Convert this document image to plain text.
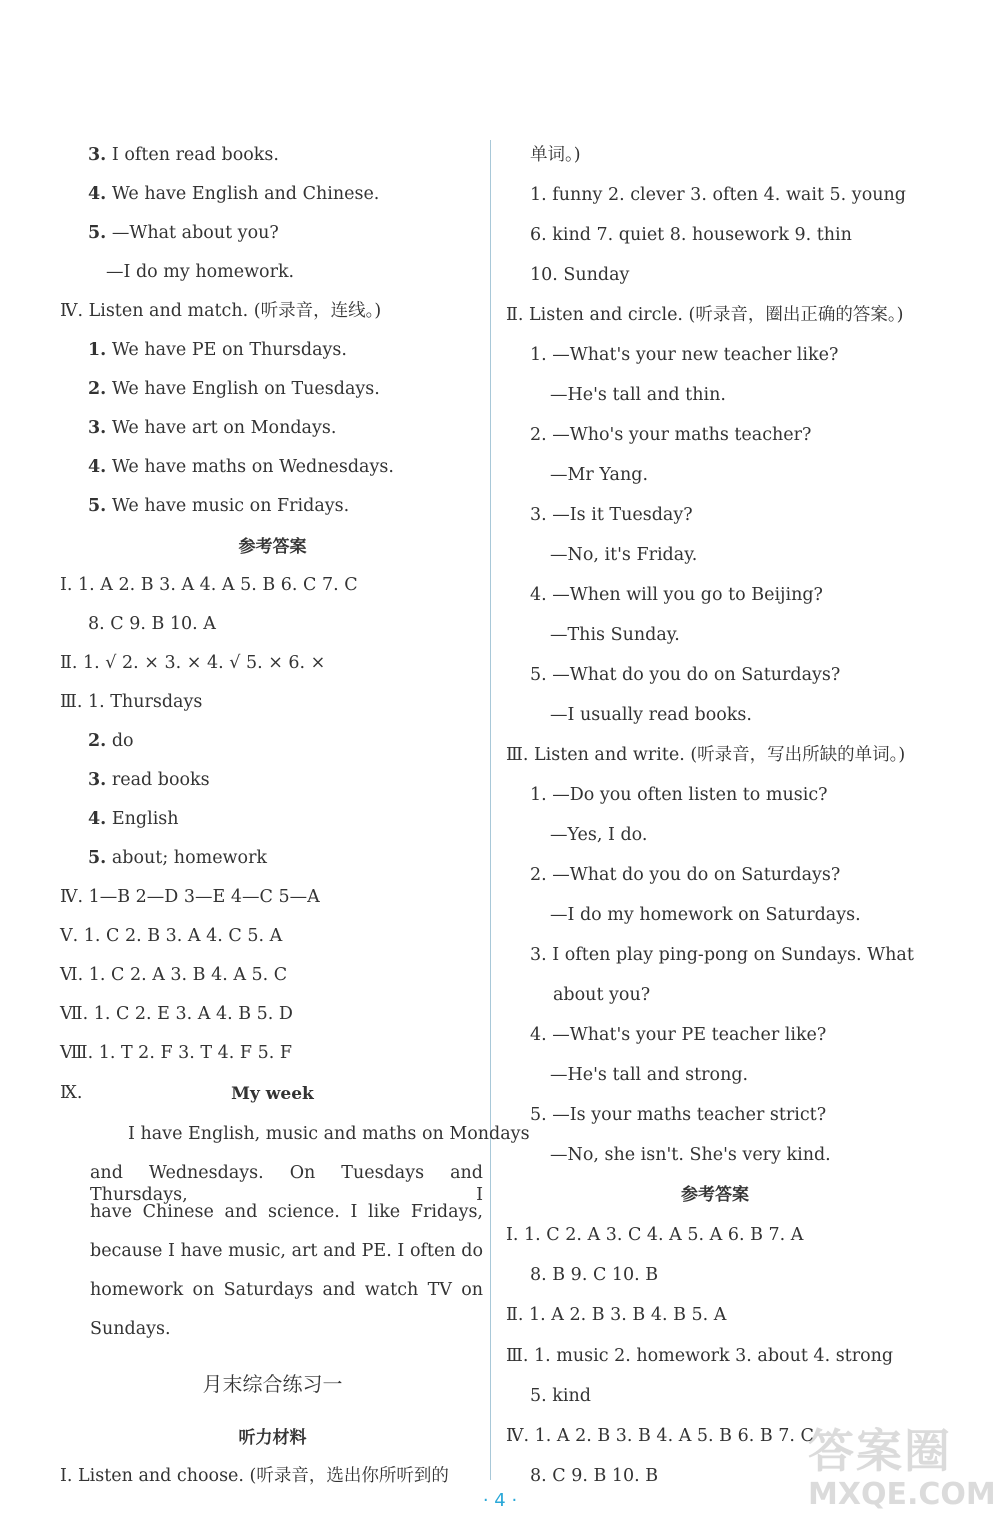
参考答案
My week
月末综合练习一
听力材料
Ⅰ. Listen and choose. (听录音，选出你所听到的
I have English, music and maths on Mondays
and Wednesdays. On Tuesdays and Thursdays, I
have Chinese and science. I like Fridays,
because I have music, art and PE. I often do
homework on Saturdays and watch TV on
Sundays.
3. I often read books.
4. We have English and Chinese.
5. —What about you?
—I do my homework.
Ⅳ. Listen and match. (听录音，连线。)
1. We have PE on Thursdays.
2. We have English on Tuesdays.
3. We have art on Mondays.
4. We have maths on Wednesdays.
5. We have music on Fridays.
Ⅰ. 1. A 2. B 3. A 4. A 5. B 6. C 7. C
8. C 9. B 10. A
Ⅱ. 1. √ 2. × 3. × 4. √ 5. × 6. ×
Ⅲ. 1. Thursdays
2. do
3. read books
4. English
5. about; homework
Ⅳ. 1—B 2—D 3—E 4—C 5—A
Ⅴ. 1. C 2. B 3. A 4. C 5. A
Ⅵ. 1. C 2. A 3. B 4. A 5. C
Ⅶ. 1. C 2. E 3. A 4. B 5. D
Ⅷ. 1. T 2. F 3. T 4. F 5. F
Ⅸ.
参考答案
单词。)
1. funny 2. clever 3. often 4. wait 5. young
6. kind 7. quiet 8. housework 9. thin
10. Sunday
Ⅱ. Listen and circle. (听录音，圈出正确的答案。)
1. —What's your new teacher like?
—He's tall and thin.
2. —Who's your maths teacher?
—Mr Yang.
3. —Is it Tuesday?
—No, it's Friday.
4. —When will you go to Beijing?
—This Sunday.
5. —What do you do on Saturdays?
—I usually read books.
Ⅲ. Listen and write. (听录音，写出所缺的单词。)
1. —Do you often listen to music?
—Yes, I do.
2. —What do you do on Saturdays?
—I do my homework on Saturdays.
3. I often play ping-pong on Sundays. What
about you?
4. —What's your PE teacher like?
—He's tall and strong.
5. —Is your maths teacher strict?
—No, she isn't. She's very kind.
Ⅰ. 1. C 2. A 3. C 4. A 5. A 6. B 7. A
8. B 9. C 10. B
Ⅱ. 1. A 2. B 3. B 4. B 5. A
Ⅲ. 1. music 2. homework 3. about 4. strong
5. kind
Ⅳ. 1. A 2. B 3. B 4. A 5. B 6. B 7. C
8. C 9. B 10. B
· 4 ·
答案圈
MXQE.COM
